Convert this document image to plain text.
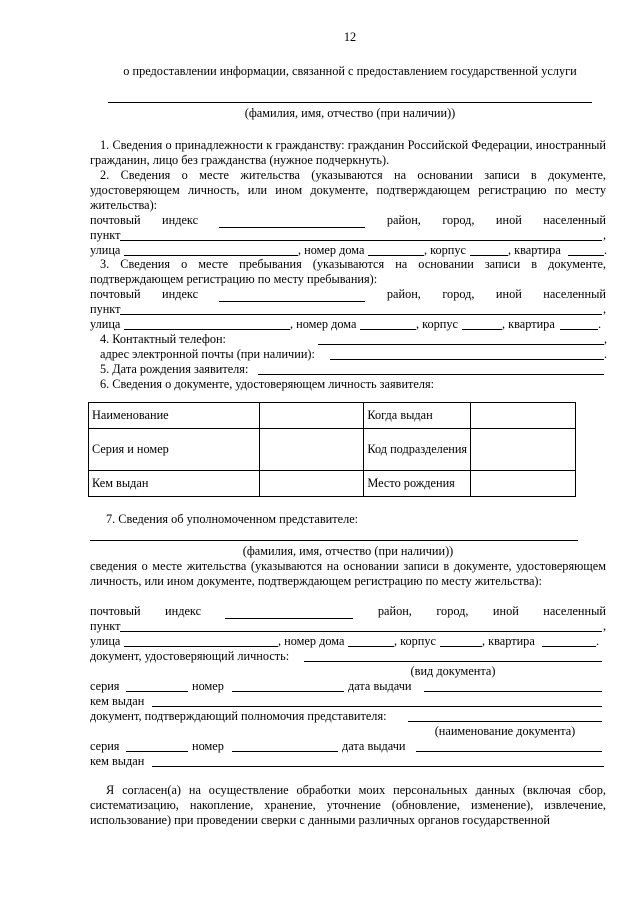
12
о предоставлении информации, связанной с предоставлением государственной услуги
(фамилия, имя, отчество (при наличии))
1. Сведения о принадлежности к гражданству: гражданин Российской Федерации, иностранный гражданин, лицо без гражданства (нужное подчеркнуть).
2. Сведения о месте жительства (указываются на основании записи в документе, удостоверяющем личность, или ином документе, подтверждающем регистрацию по месту жительства):
почтовый индекс	район, город, иной населенный
пункт	,
улица	, номер дома	, корпус	, квартира	.
3. Сведения о месте пребывания (указываются на основании записи в документе, подтверждающем регистрацию по месту пребывания):
почтовый индекс	район, город, иной населенный
пункт	,
улица	, номер дома	, корпус	, квартира	.
4. Контактный телефон:	,
адрес электронной почты (при наличии):	.
5. Дата рождения заявителя:
6. Сведения о документе, удостоверяющем личность заявителя:
Наименование		Когда выдан	
Серия и номер		Код подразделения	
Кем выдан		Место рождения	
7. Сведения об уполномоченном представителе:
(фамилия, имя, отчество (при наличии))
сведения о месте жительства (указываются на основании записи в документе, удостоверяющем личность, или ином документе, подтверждающем регистрацию по месту жительства):
почтовый индекс	район, город, иной населенный
пункт	,
улица	, номер дома	, корпус	, квартира	.
документ, удостоверяющий личность:
(вид документа)
серия	номер	дата выдачи
кем выдан
документ, подтверждающий полномочия представителя:
(наименование документа)
серия	номер	дата выдачи
кем выдан
Я согласен(а) на осуществление обработки моих персональных данных (включая сбор, систематизацию, накопление, хранение, уточнение (обновление, изменение), извлечение, использование) при проведении сверки с данными различных органов государственной
